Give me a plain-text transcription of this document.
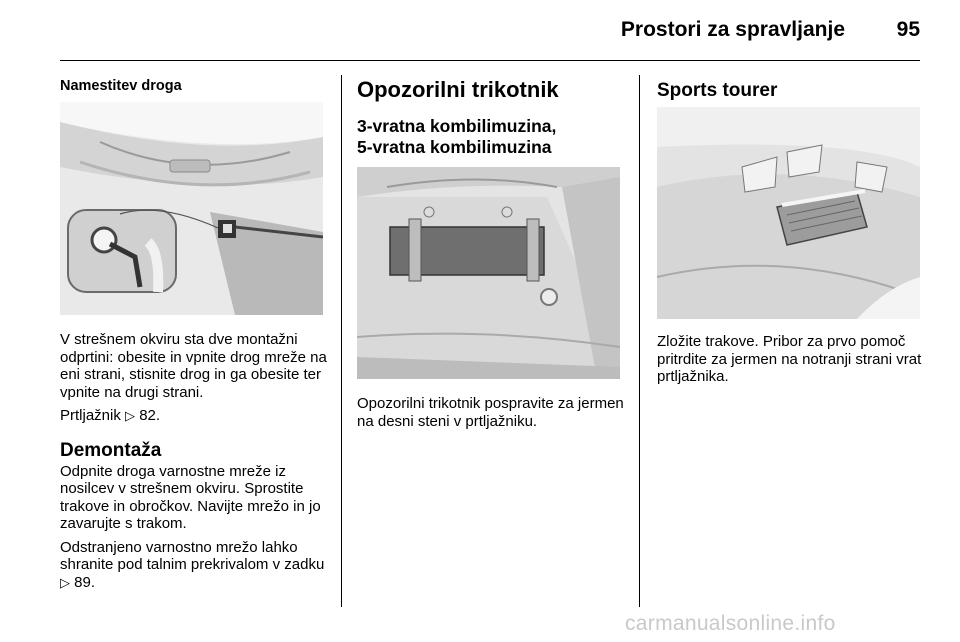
Prostori za spravljanje 95
Namestitev droga

V strešnem okviru sta dve montažni odprtini: obesite in vpnite drog mreže na eni strani, stisnite drog in ga obesite ter vpnite na drugi strani.

Prtljažnik ▷ 82.

Demontaža

Odpnite droga varnostne mreže iz nosilcev v strešnem okviru. Sprostite trakove in obročkov. Navijte mrežo in jo zavarujte s trakom.

Odstranjeno varnostno mrežo lahko shranite pod talnim prekrivalom v zadku ▷ 89.

Opozorilni trikotnik
3-vratna kombilimuzina,
5-vratna kombilimuzina

Opozorilni trikotnik pospravite za jermen na desni steni v prtljažniku.

Sports tourer

Zložite trakove. Pribor za prvo pomoč pritrdite za jermen na notranji strani vrat prtljažnika.

carmanualsonline.info
